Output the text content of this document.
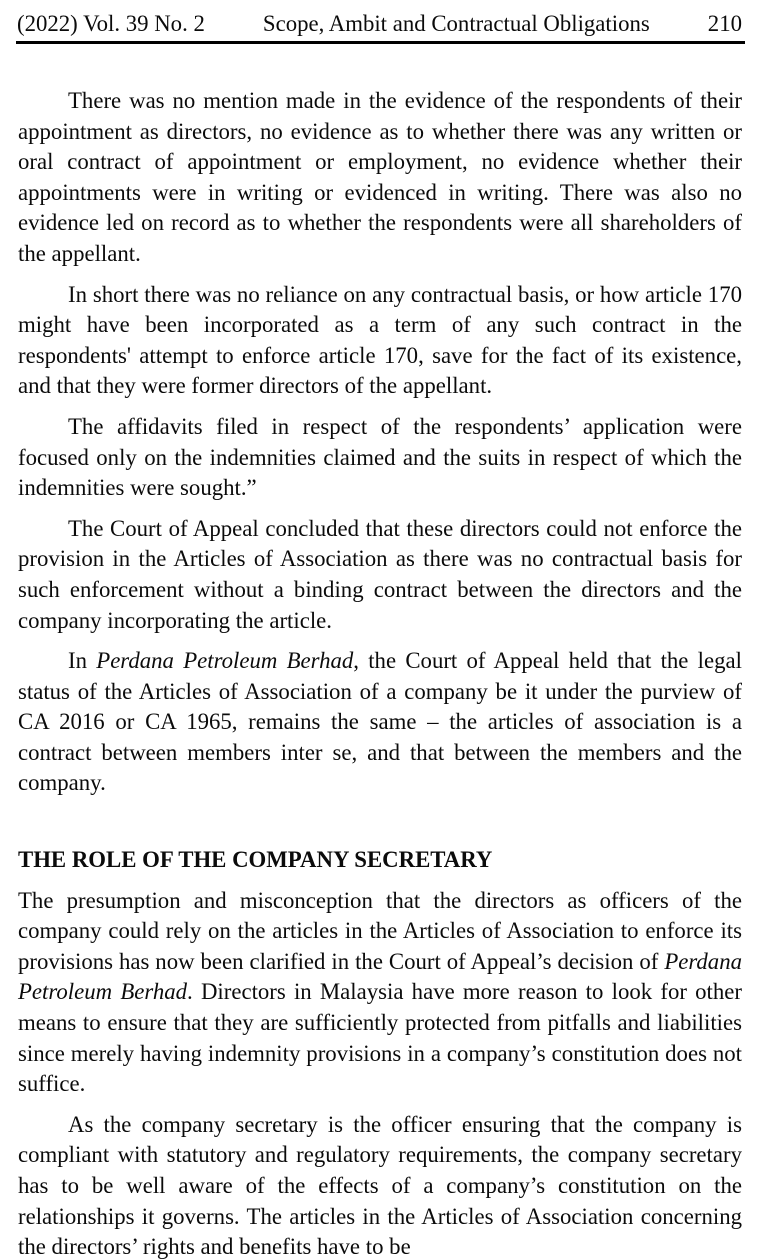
(2022) Vol. 39 No. 2	Scope, Ambit and Contractual Obligations	210

There was no mention made in the evidence of the respondents of their appointment as directors, no evidence as to whether there was any written or oral contract of appointment or employment, no evidence whether their appointments were in writing or evidenced in writing. There was also no evidence led on record as to whether the respondents were all shareholders of the appellant.

In short there was no reliance on any contractual basis, or how article 170 might have been incorporated as a term of any such contract in the respondents' attempt to enforce article 170, save for the fact of its existence, and that they were former directors of the appellant.

The affidavits filed in respect of the respondents’ application were focused only on the indemnities claimed and the suits in respect of which the indemnities were sought.”

The Court of Appeal concluded that these directors could not enforce the provision in the Articles of Association as there was no contractual basis for such enforcement without a binding contract between the directors and the company incorporating the article.

In Perdana Petroleum Berhad, the Court of Appeal held that the legal status of the Articles of Association of a company be it under the purview of CA 2016 or CA 1965, remains the same – the articles of association is a contract between members inter se, and that between the members and the company.

THE ROLE OF THE COMPANY SECRETARY

The presumption and misconception that the directors as officers of the company could rely on the articles in the Articles of Association to enforce its provisions has now been clarified in the Court of Appeal’s decision of Perdana Petroleum Berhad. Directors in Malaysia have more reason to look for other means to ensure that they are sufficiently protected from pitfalls and liabilities since merely having indemnity provisions in a company’s constitution does not suffice.

As the company secretary is the officer ensuring that the company is compliant with statutory and regulatory requirements, the company secretary has to be well aware of the effects of a company’s constitution on the relationships it governs. The articles in the Articles of Association concerning the directors’ rights and benefits have to be
